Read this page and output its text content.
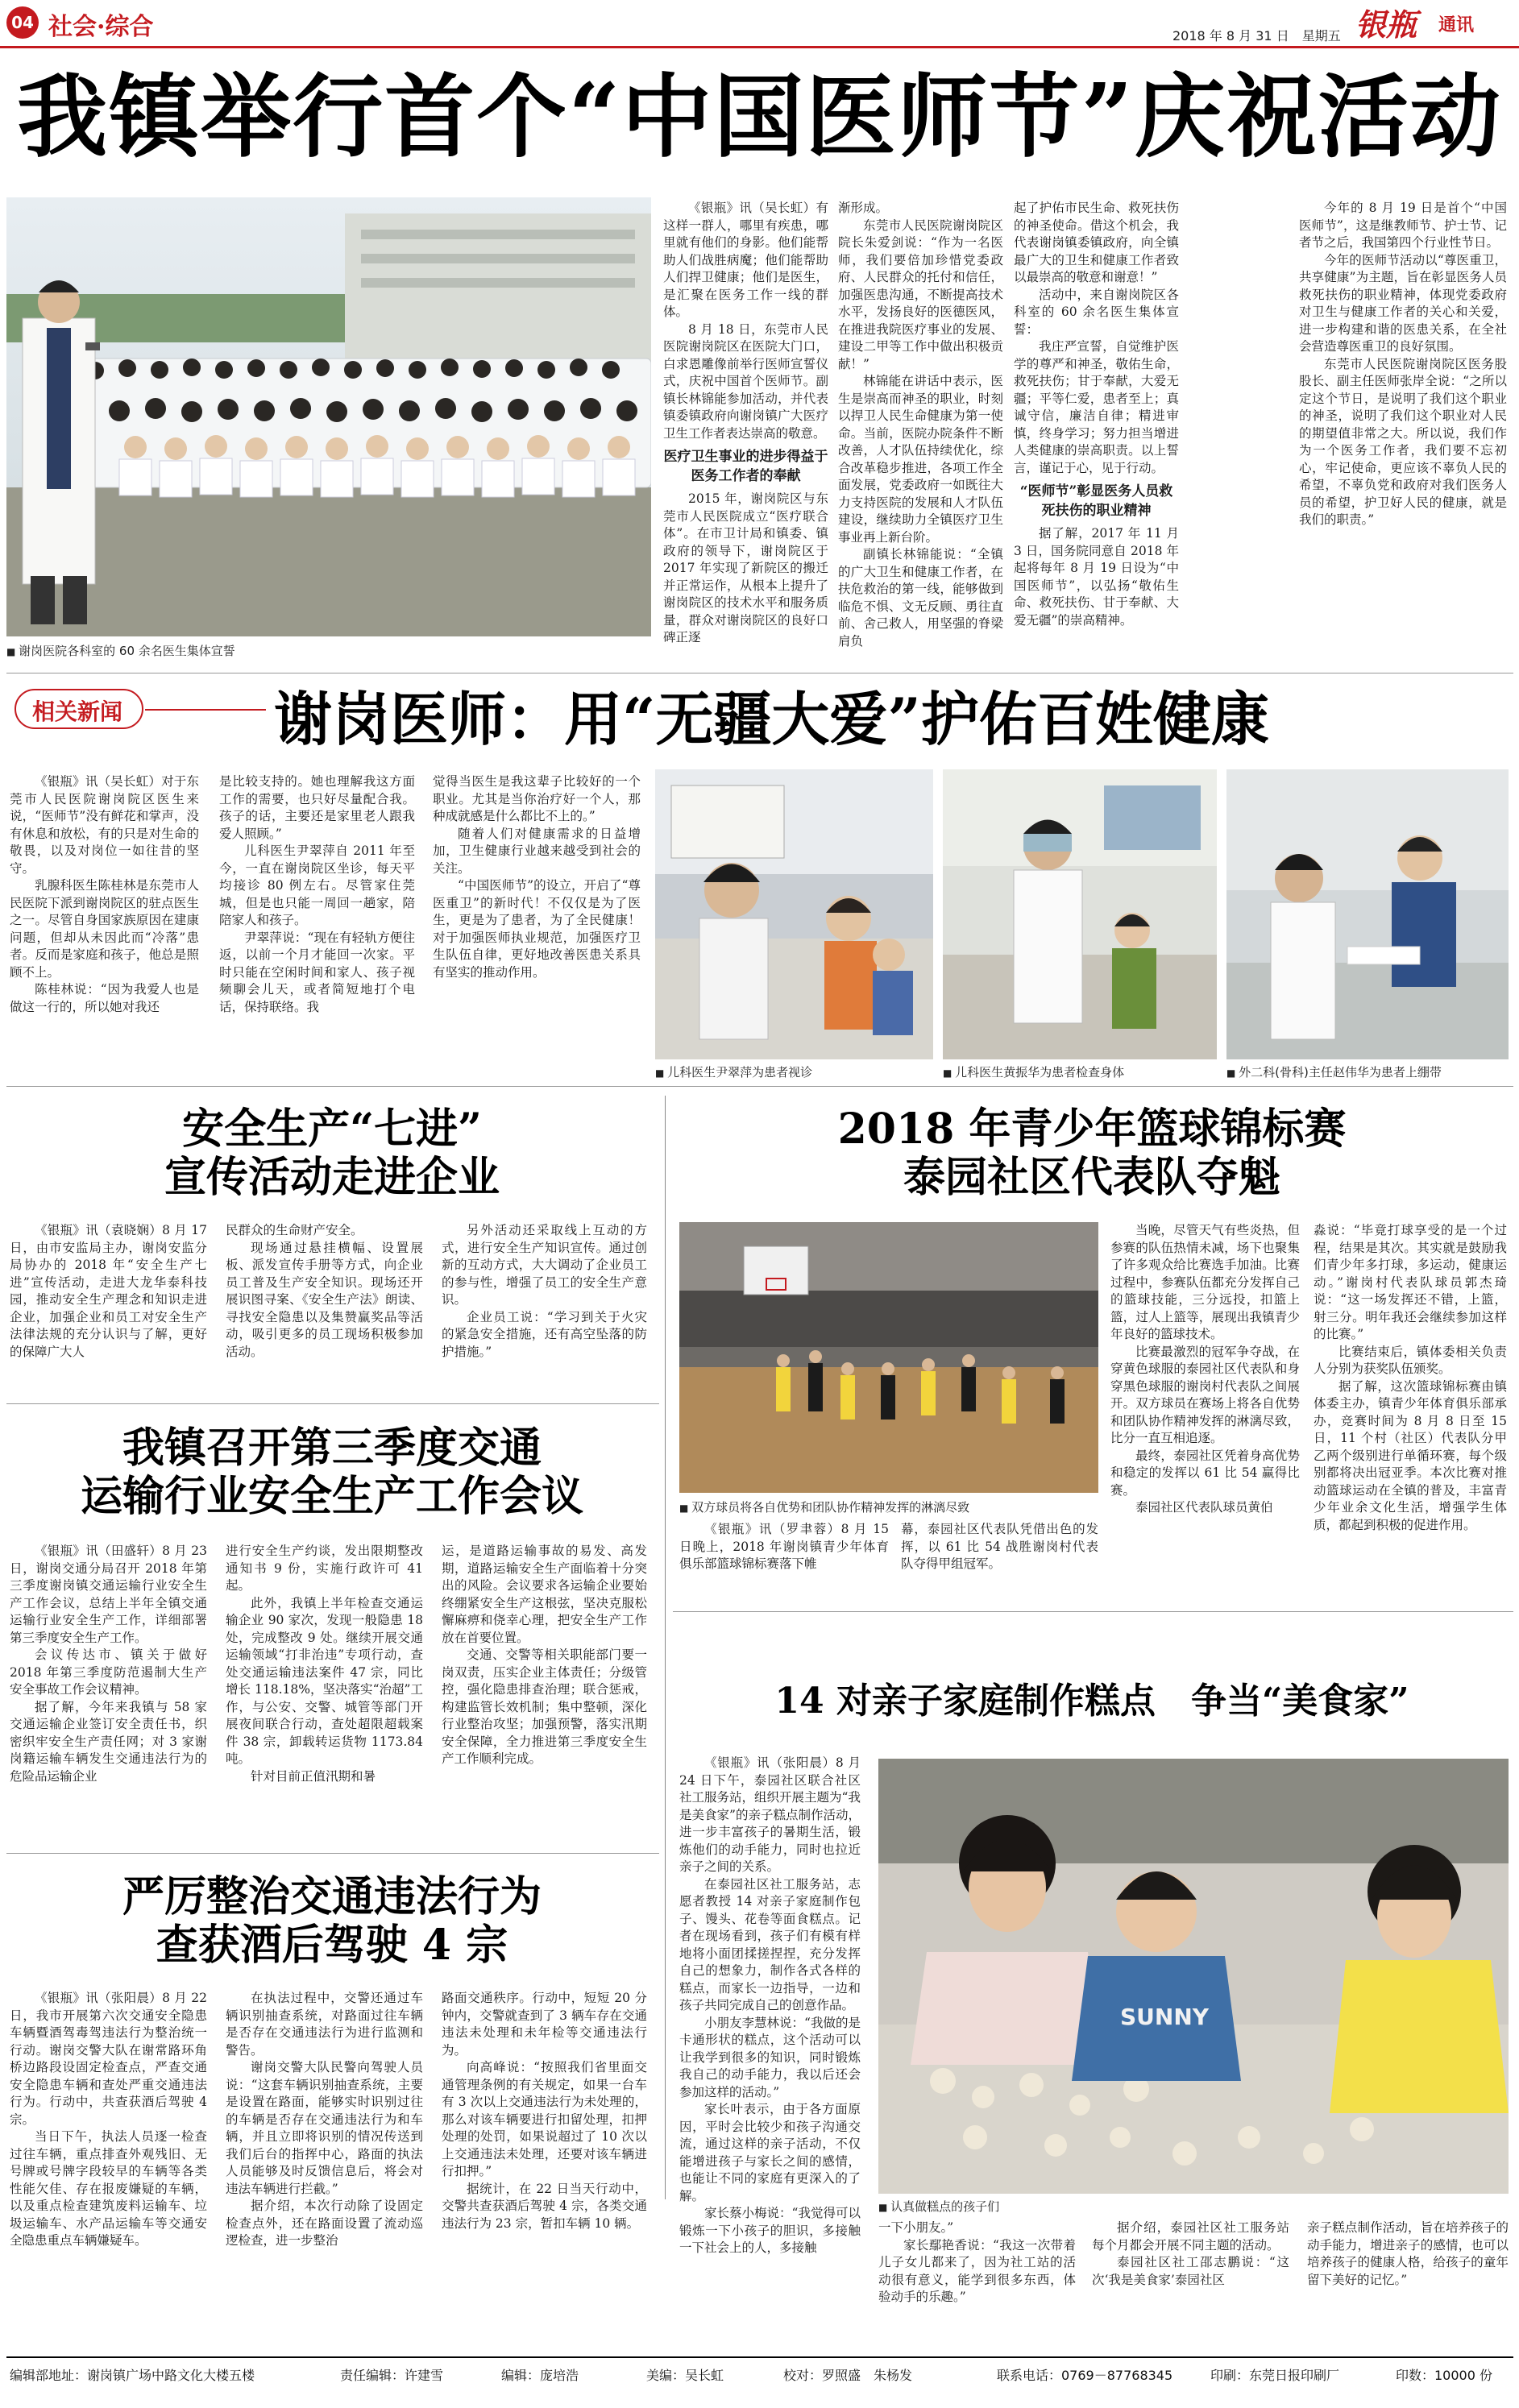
04 社会·综合	2018 年 8 月 31 日　星期五 银瓶 通讯
我镇举行首个“中国医师节”庆祝活动
■ 谢岗医院各科室的 60 余名医生集体宣誓

《银瓶》讯（吴长虹）有这样一群人，哪里有疾患，哪里就有他们的身影。他们能帮助人们战胜病魔；他们能帮助人们捍卫健康；他们是医生，是汇聚在医务工作一线的群体。

8 月 18 日，东莞市人民医院谢岗院区在医院大门口，白求恩雕像前举行医师宣誓仪式，庆祝中国首个医师节。副镇长林锦能参加活动，并代表镇委镇政府向谢岗镇广大医疗卫生工作者表达崇高的敬意。

医疗卫生事业的进步得益于医务工作者的奉献

2015 年，谢岗院区与东莞市人民医院成立“医疗联合体”。在市卫计局和镇委、镇政府的领导下，谢岗院区于 2017 年实现了新院区的搬迁并正常运作，从根本上提升了谢岗院区的技术水平和服务质量，群众对谢岗院区的良好口碑正逐

渐形成。

东莞市人民医院谢岗院区院长朱爱剑说：“作为一名医师，我们要倍加珍惜党委政府、人民群众的托付和信任，加强医患沟通，不断提高技术水平，发扬良好的医德医风，在推进我院医疗事业的发展、建设二甲等工作中做出积极贡献！”

林锦能在讲话中表示，医生是崇高而神圣的职业，时刻以捍卫人民生命健康为第一使命。当前，医院办院条件不断改善，人才队伍持续优化，综合改革稳步推进，各项工作全面发展，党委政府一如既往大力支持医院的发展和人才队伍建设，继续助力全镇医疗卫生事业再上新台阶。

副镇长林锦能说：“全镇的广大卫生和健康工作者，在扶危救治的第一线，能够做到临危不惧、文无反顾、勇往直前、舍己救人，用坚强的脊梁肩负

起了护佑市民生命、救死扶伤的神圣使命。借这个机会，我代表谢岗镇委镇政府，向全镇最广大的卫生和健康工作者致以最崇高的敬意和谢意！”

活动中，来自谢岗院区各科室的 60 余名医生集体宣誓：

我庄严宣誓，自觉维护医学的尊严和神圣，敬佑生命，救死扶伤；甘于奉献，大爱无疆；平等仁爱，患者至上；真诚守信，廉洁自律；精进审慎，终身学习；努力担当增进人类健康的崇高职责。以上誓言，谨记于心，见于行动。

“医师节”彰显医务人员救死扶伤的职业精神

据了解，2017 年 11 月 3 日，国务院同意自 2018 年起将每年 8 月 19 日设为“中国医师节”，以弘扬“敬佑生命、救死扶伤、甘于奉献、大爱无疆”的崇高精神。

今年的 8 月 19 日是首个“中国医师节”，这是继教师节、护士节、记者节之后，我国第四个行业性节日。

今年的医师节活动以“尊医重卫，共享健康”为主题，旨在彰显医务人员救死扶伤的职业精神，体现党委政府对卫生与健康工作者的关心和关爱，进一步构建和谐的医患关系，在全社会营造尊医重卫的良好氛围。

东莞市人民医院谢岗院区医务股股长、副主任医师张岸全说：“之所以定这个节日，是说明了我们这个职业的神圣，说明了我们这个职业对人民的期望值非常之大。所以说，我们作为一个医务工作者，我们要不忘初心，牢记使命，更应该不辜负人民的希望，不辜负党和政府对我们医务人员的希望，护卫好人民的健康，就是我们的职责。”

相关新闻	谢岗医师：用“无疆大爱”护佑百姓健康

《银瓶》讯（吴长虹）对于东莞市人民医院谢岗院区医生来说，“医师节”没有鲜花和掌声，没有休息和放松，有的只是对生命的敬畏，以及对岗位一如往昔的坚守。

乳腺科医生陈桂林是东莞市人民医院下派到谢岗院区的驻点医生之一。尽管自身国家族原因在建康问题，但却从未因此而“冷落”患者。反而是家庭和孩子，他总是照顾不上。

陈桂林说：“因为我爱人也是做这一行的，所以她对我还

是比较支持的。她也理解我这方面工作的需要，也只好尽量配合我。孩子的话，主要还是家里老人跟我爱人照顾。”

儿科医生尹翠萍自 2011 年至今，一直在谢岗院区坐诊，每天平均接诊 80 例左右。尽管家住莞城，但是也只能一周回一趟家，陪陪家人和孩子。

尹翠萍说：“现在有轻轨方便往返，以前一个月才能回一次家。平时只能在空闲时间和家人、孩子视频聊会儿天，或者简短地打个电话，保持联络。我

觉得当医生是我这辈子比较好的一个职业。尤其是当你治疗好一个人，那种成就感是什么都比不上的。”

随着人们对健康需求的日益增加，卫生健康行业越来越受到社会的关注。

“中国医师节”的设立，开启了“尊医重卫”的新时代！不仅仅是为了医生，更是为了患者，为了全民健康！对于加强医师执业规范，加强医疗卫生队伍自律，更好地改善医患关系具有坚实的推动作用。

■ 儿科医生尹翠萍为患者视诊	■ 儿科医生黄振华为患者检查身体	■ 外二科(骨科)主任赵伟华为患者上绷带
安全生产“七进”
宣传活动走进企业

《银瓶》讯（袁晓娴）8 月 17 日，由市安监局主办，谢岗安监分局协办的 2018 年“安全生产七进”宣传活动，走进大龙华泰科技园，推动安全生产理念和知识走进企业，加强企业和员工对安全生产法律法规的充分认识与了解，更好的保障广大人

民群众的生命财产安全。

现场通过悬挂横幅、设置展板、派发宣传手册等方式，向企业员工普及生产安全知识。现场还开展识图寻案、《安全生产法》朗读、寻找安全隐患以及集赞赢奖品等活动，吸引更多的员工现场积极参加活动。

另外活动还采取线上互动的方式，进行安全生产知识宣传。通过创新的互动方式，大大调动了企业员工的参与性，增强了员工的安全生产意识。

企业员工说：“学习到关于火灾的紧急安全措施，还有高空坠落的防护措施。”

我镇召开第三季度交通
运输行业安全生产工作会议

《银瓶》讯（田盛轩）8 月 23 日，谢岗交通分局召开 2018 年第三季度谢岗镇交通运输行业安全生产工作会议，总结上半年全镇交通运输行业安全生产工作，详细部署第三季度安全生产工作。

会议传达市、镇关于做好 2018 年第三季度防范遏制大生产安全事故工作会议精神。

据了解，今年来我镇与 58 家交通运输企业签订安全责任书，织密织牢安全生产责任网；对 3 家谢岗籍运输车辆发生交通违法行为的危险品运输企业

进行安全生产约谈，发出限期整改通知书 9 份，实施行政许可 41 起。

此外，我镇上半年检查交通运输企业 90 家次，发现一般隐患 18 处，完成整改 9 处。继续开展交通运输领域“打非治违”专项行动，查处交通运输违法案件 47 宗，同比增长 118.18%，坚决落实“治超”工作，与公安、交警、城管等部门开展夜间联合行动，查处超限超载案件 38 宗，卸载转运货物 1173.84 吨。

针对目前正值汛期和暑

运，是道路运输事故的易发、高发期，道路运输安全生产面临着十分突出的风险。会议要求各运输企业要始终绷紧安全生产这根弦，坚决克服松懈麻痹和侥幸心理，把安全生产工作放在首要位置。

交通、交警等相关职能部门要一岗双责，压实企业主体责任；分级管控，强化隐患排查治理；联合惩戒，构建监管长效机制；集中整顿，深化行业整治攻坚；加强预警，落实汛期安全保障，全力推进第三季度安全生产工作顺利完成。

严厉整治交通违法行为
查获酒后驾驶 4 宗

《银瓶》讯（张阳晨）8 月 22 日，我市开展第六次交通安全隐患车辆暨酒驾毒驾违法行为整治统一行动。谢岗交警大队在谢常路环角桥边路段设固定检查点，严查交通安全隐患车辆和查处严重交通违法行为。行动中，共查获酒后驾驶 4 宗。

当日下午，执法人员逐一检查过往车辆，重点排查外观残旧、无号牌或号牌字段较早的车辆等各类性能欠佳、存在报废嫌疑的车辆，以及重点检查建筑废料运输车、垃圾运输车、水产品运输车等交通安全隐患重点车辆嫌疑车。

在执法过程中，交警还通过车辆识别抽查系统，对路面过往车辆是否存在交通违法行为进行监测和警告。

谢岗交警大队民警向驾驶人员说：“这套车辆识别抽查系统，主要是设置在路面，能够实时识别过往的车辆是否存在交通违法行为和车辆，并且立即将识别的情况传送到我们后台的指挥中心，路面的执法人员能够及时反馈信息后，将会对违法车辆进行拦截。”

据介绍，本次行动除了设固定检查点外，还在路面设置了流动巡逻检查，进一步整治

路面交通秩序。行动中，短短 20 分钟内，交警就查到了 3 辆车存在交通违法未处理和未年检等交通违法行为。

向高峰说：“按照我们省里面交通管理条例的有关规定，如果一台车有 3 次以上交通违法行为未处理的，那么对该车辆要进行扣留处理，扣押处理的处罚，如果说超过了 10 次以上交通违法未处理，还要对该车辆进行扣押。”

据统计，在 22 日当天行动中，交警共查获酒后驾驶 4 宗，各类交通违法行为 23 宗，暂扣车辆 10 辆。

2018 年青少年篮球锦标赛
泰园社区代表队夺魁
■ 双方球员将各自优势和团队协作精神发挥的淋漓尽致

《银瓶》讯（罗聿蓉）8 月 15 日晚上，2018 年谢岗镇青少年体育俱乐部篮球锦标赛落下帷

幕，泰园社区代表队凭借出色的发挥，以 61 比 54 战胜谢岗村代表队夺得甲组冠军。

当晚，尽管天气有些炎热，但参赛的队伍热情未减，场下也聚集了许多观众给比赛选手加油。比赛过程中，参赛队伍都充分发挥自己的篮球技能，三分远投，扣篮上篮，过人上篮等，展现出我镇青少年良好的篮球技术。

比赛最激烈的冠军争夺战，在穿黄色球服的泰园社区代表队和身穿黑色球服的谢岗村代表队之间展开。双方球员在赛场上将各自优势和团队协作精神发挥的淋漓尽致，比分一直互相追逐。

最终，泰园社区凭着身高优势和稳定的发挥以 61 比 54 赢得比赛。

泰园社区代表队球员黄伯

淼说：“毕竟打球享受的是一个过程，结果是其次。其实就是鼓励我们青少年多打球，多运动，健康运动。”谢岗村代表队球员郭杰琦说：“这一场发挥还不错，上篮，射三分。明年我还会继续参加这样的比赛。”

比赛结束后，镇体委相关负责人分别为获奖队伍颁奖。

据了解，这次篮球锦标赛由镇体委主办，镇青少年体育俱乐部承办，竞赛时间为 8 月 8 日至 15 日，11 个村（社区）代表队分甲乙两个级别进行单循环赛，每个级别都将决出冠亚季。本次比赛对推动篮球运动在全镇的普及，丰富青少年业余文化生活，增强学生体质，都起到积极的促进作用。

14 对亲子家庭制作糕点　争当“美食家”

《银瓶》讯（张阳晨）8 月 24 日下午，泰园社区联合社区社工服务站，组织开展主题为“我是美食家”的亲子糕点制作活动，进一步丰富孩子的暑期生活，锻炼他们的动手能力，同时也拉近亲子之间的关系。

在泰园社区社工服务站，志愿者教授 14 对亲子家庭制作包子、馒头、花卷等面食糕点。记者在现场看到，孩子们有模有样地将小面团揉搓捏捏，充分发挥自己的想象力，制作各式各样的糕点，而家长一边指导，一边和孩子共同完成自己的创意作品。

小朋友李慧林说：“我做的是卡通形状的糕点，这个活动可以让我学到很多的知识，同时锻炼我自己的动手能力，我以后还会参加这样的活动。”

家长叶表示，由于各方面原因，平时会比较少和孩子沟通交流，通过这样的亲子活动，不仅能增进孩子与家长之间的感情，也能让不同的家庭有更深入的了解。

家长蔡小梅说：“我觉得可以锻炼一下小孩子的胆识，多接触一下社会上的人，多接触

SUNNY
■ 认真做糕点的孩子们

一下小朋友。”

家长鄢艳香说：“我这一次带着儿子女儿都来了，因为社工站的活动很有意义，能学到很多东西，体验动手的乐趣。”

据介绍，泰园社区社工服务站每个月都会开展不同主题的活动。

泰园社区社工邵志鹏说：“这次‘我是美食家’泰园社区

亲子糕点制作活动，旨在培养孩子的动手能力，增进亲子的感情，也可以培养孩子的健康人格，给孩子的童年留下美好的记忆。”

编辑部地址：谢岗镇广场中路文化大楼五楼	责任编辑：许建雪	编辑：庞培浩	美编：吴长虹	校对：罗照盛　朱杨发	联系电话：0769－87768345	印刷：东莞日报印刷厂	印数：10000 份
